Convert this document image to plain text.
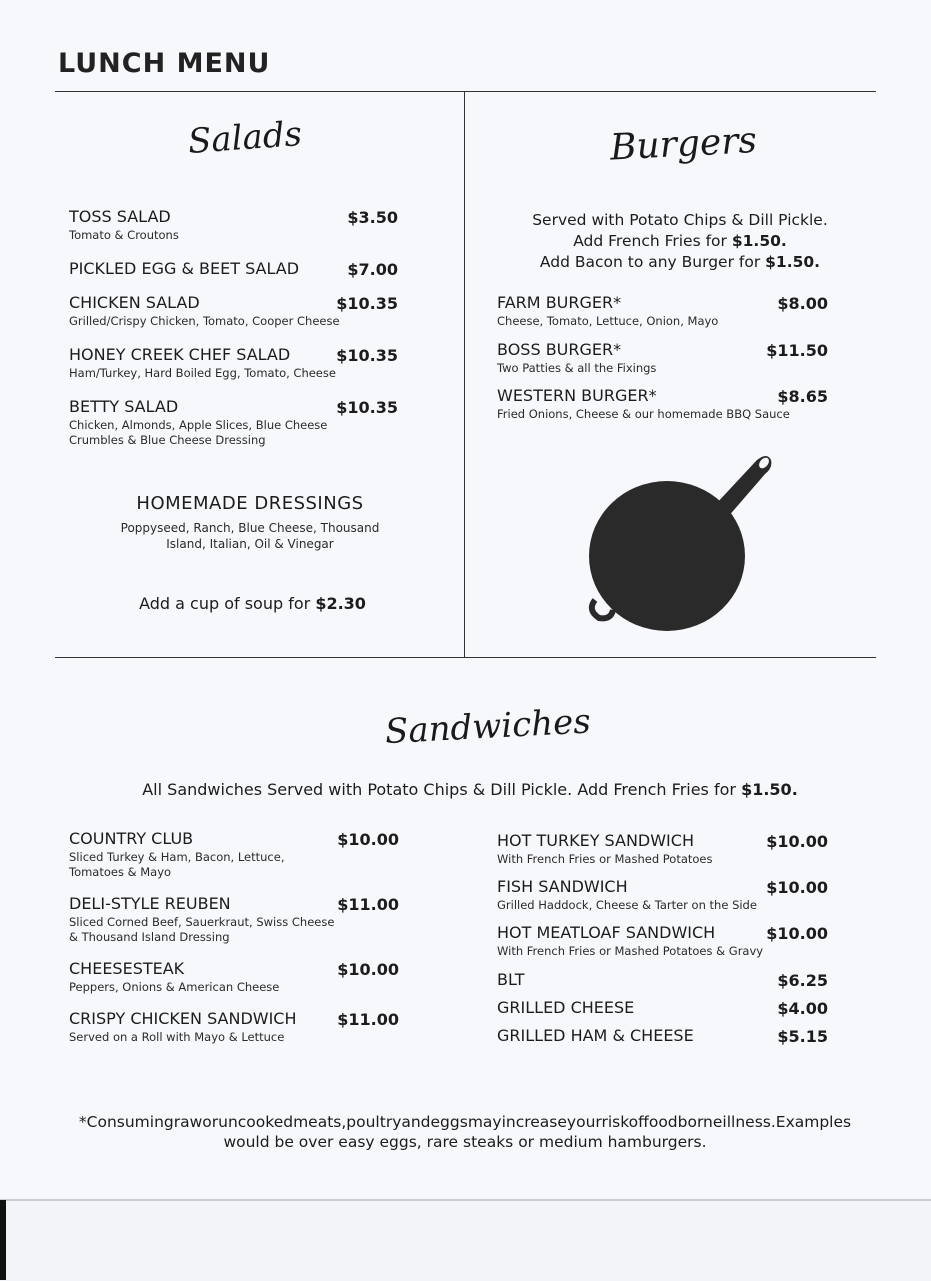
LUNCH MENU
Salads
TOSS SALAD	$3.50
Tomato & Croutons
PICKLED EGG & BEET SALAD	$7.00
CHICKEN SALAD	$10.35
Grilled/Crispy Chicken, Tomato, Cooper Cheese
HONEY CREEK CHEF SALAD	$10.35
Ham/Turkey, Hard Boiled Egg, Tomato, Cheese
BETTY SALAD	$10.35
Chicken, Almonds, Apple Slices, Blue Cheese Crumbles & Blue Cheese Dressing
HOMEMADE DRESSINGS
Poppyseed, Ranch, Blue Cheese, Thousand Island, Italian, Oil & Vinegar
Add a cup of soup for $2.30
Burgers
Served with Potato Chips & Dill Pickle.
Add French Fries for $1.50.
Add Bacon to any Burger for $1.50.
FARM BURGER*	$8.00
Cheese, Tomato, Lettuce, Onion, Mayo
BOSS BURGER*	$11.50
Two Patties & all the Fixings
WESTERN BURGER*	$8.65
Fried Onions, Cheese & our homemade BBQ Sauce
Sandwiches
All Sandwiches Served with Potato Chips & Dill Pickle. Add French Fries for $1.50.
COUNTRY CLUB	$10.00
Sliced Turkey & Ham, Bacon, Lettuce, Tomatoes & Mayo
DELI-STYLE REUBEN	$11.00
Sliced Corned Beef, Sauerkraut, Swiss Cheese & Thousand Island Dressing
CHEESESTEAK	$10.00
Peppers, Onions & American Cheese
CRISPY CHICKEN SANDWICH	$11.00
Served on a Roll with Mayo & Lettuce
HOT TURKEY SANDWICH	$10.00
With French Fries or Mashed Potatoes
FISH SANDWICH	$10.00
Grilled Haddock, Cheese & Tarter on the Side
HOT MEATLOAF SANDWICH	$10.00
With French Fries or Mashed Potatoes & Gravy
BLT	$6.25
GRILLED CHEESE	$4.00
GRILLED HAM & CHEESE	$5.15
*Consumingraworuncookedmeats,poultryandeggsmayincreaseyourriskoffoodborneillness.Examples
would be over easy eggs, rare steaks or medium hamburgers.
